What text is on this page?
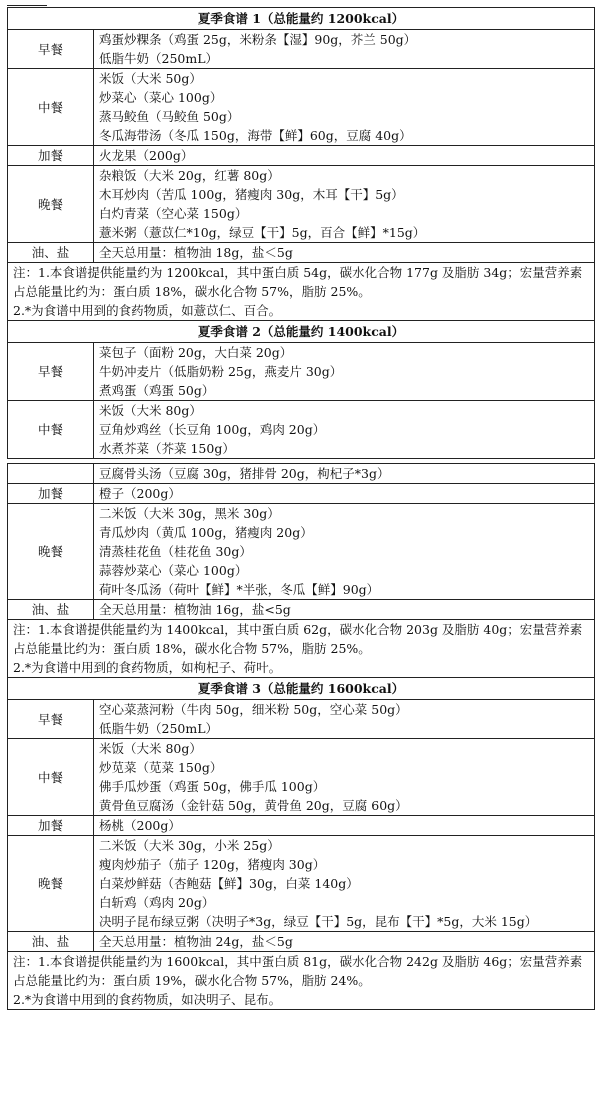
夏季食谱 1（总能量约 1200kcal）	
早餐	鸡蛋炒粿条（鸡蛋 25g，米粉条【湿】90g，芥兰 50g）
低脂牛奶（250mL）

中餐	米饭（大米 50g）
炒菜心（菜心 100g）
蒸马鲛鱼（马鲛鱼 50g）
冬瓜海带汤（冬瓜 150g，海带【鲜】60g，豆腐 40g）

加餐	火龙果（200g）

晚餐	杂粮饭（大米 20g，红薯 80g）
木耳炒肉（苦瓜 100g，猪瘦肉 30g，木耳【干】5g）
白灼青菜（空心菜 150g）
薏米粥（薏苡仁*10g，绿豆【干】5g，百合【鲜】*15g）

油、盐	全天总用量：植物油 18g，盐＜5g

注：1.本食谱提供能量约为 1200kcal，其中蛋白质 54g，碳水化合物 177g 及脂肪 34g；宏量营养素占总能量比约为：蛋白质 18%，碳水化合物 57%，脂肪 25%。
2.*为食谱中用到的食药物质，如薏苡仁、百合。	

夏季食谱 2（总能量约 1400kcal）	
早餐	菜包子（面粉 20g，大白菜 20g）
牛奶冲麦片（低脂奶粉 25g，燕麦片 30g）
煮鸡蛋（鸡蛋 50g）

中餐	米饭（大米 80g）
豆角炒鸡丝（长豆角 100g，鸡肉 20g）
水煮芥菜（芥菜 150g）

	豆腐骨头汤（豆腐 30g，猪排骨 20g，枸杞子*3g）

加餐	橙子（200g）

晚餐	二米饭（大米 30g，黑米 30g）
青瓜炒肉（黄瓜 100g，猪瘦肉 20g）
清蒸桂花鱼（桂花鱼 30g）
蒜蓉炒菜心（菜心 100g）
荷叶冬瓜汤（荷叶【鲜】*半张，冬瓜【鲜】90g）

油、盐	全天总用量：植物油 16g，盐<5g

注：1.本食谱提供能量约为 1400kcal，其中蛋白质 62g，碳水化合物 203g 及脂肪 40g；宏量营养素占总能量比约为：蛋白质 18%，碳水化合物 57%，脂肪 25%。
2.*为食谱中用到的食药物质，如枸杞子、荷叶。	

夏季食谱 3（总能量约 1600kcal）	
早餐	空心菜蒸河粉（牛肉 50g，细米粉 50g，空心菜 50g）
低脂牛奶（250mL）

中餐	米饭（大米 80g）
炒苋菜（苋菜 150g）
佛手瓜炒蛋（鸡蛋 50g，佛手瓜 100g）
黄骨鱼豆腐汤（金针菇 50g，黄骨鱼 20g，豆腐 60g）

加餐	杨桃（200g）

晚餐	二米饭（大米 30g，小米 25g）
瘦肉炒茄子（茄子 120g，猪瘦肉 30g）
白菜炒鲜菇（杏鲍菇【鲜】30g，白菜 140g）
白斩鸡（鸡肉 20g）
决明子昆布绿豆粥（决明子*3g，绿豆【干】5g，昆布【干】*5g，大米 15g）

油、盐	全天总用量：植物油 24g，盐＜5g

注：1.本食谱提供能量约为 1600kcal，其中蛋白质 81g，碳水化合物 242g 及脂肪 46g；宏量营养素占总能量比约为：蛋白质 19%，碳水化合物 57%，脂肪 24%。
2.*为食谱中用到的食药物质，如决明子、昆布。	
